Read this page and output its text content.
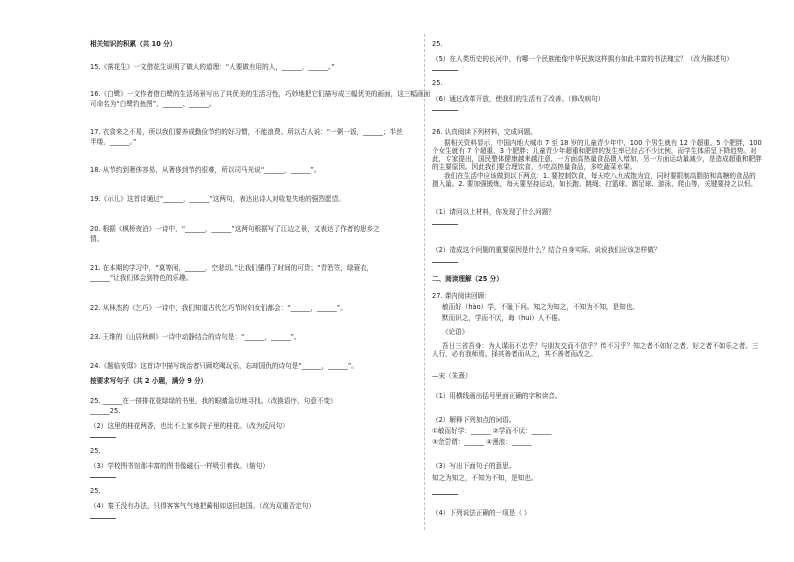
相关知识的积累（共 10 分）
15.《落花生》一文借花生说明了做人的道理：“人要做有用的人，______，______。”
16.《白鹭》一文作者借白鹭的生活场景写出了其优美的生活习性，巧妙地把它们描写成三幅优美的画面，这三幅画面
可命名为“白鹭钓鱼图”、______、______。
17. 衣食来之不易，所以我们要养成勤俭节约的好习惯，不能浪费。所以古人说：“一粥一饭，______；半丝
半缕，______。”
18. 从节约到奢侈容易，从奢侈到节约很难，所以司马光说“______，______”。
19.《示儿》这首诗通过“______，______”这两句，表达出诗人对收复失地的强烈愿望。
20. 根据《枫桥夜泊》一诗中，“______，______”这两句根据写了江边之景，又表达了作者的思乡之
情。
21. 在本期的学习中，“莫等闲，______，空悲切。”让我们懂得了时间的可贵；“青箬笠，绿蓑衣，
______”让我们体会到特色的乐趣。
22. 从林杰的《乞巧》一诗中，我们知道古代乞巧节时妇女们都会：“______，______”。
23. 王维的《山居秋暝》一诗中动静结合的诗句是：“______，______”。
24.《题临安邸》这首诗中描写统治者只顾吃喝玩乐，忘却国仇的诗句是“______，______”。
按要求写句子（共 2 小题，满分 9 分）
25. ______在一排排花花绿绿的书里，我的眼睛急切地寻找。（改换语序，句意不变）
______25.
（2）这里的桂花两香，也比不上家乡院子里的桂花。（改为反问句）
25.
（3）学校图书馆那丰富的图书像磁石一样吸引着我。（缩句）
25.
（4）秦王没有办法，只得客客气气地把蔺相如送回赵国。（改为双重否定句）
25.
（5）在人类历史的长河中，有哪一个民族能像中华民族这样拥有如此丰富的书法瑰宝？（改为陈述句）
25.
（6）通过改革开放，使我们的生活有了改善。（修改病句）
26. 认真阅读下列材料，完成问题。
据相关资料显示，中国内地大城市 7 至 18 岁的儿童青少年中，100 个男生就有 12 个超重、5 个肥胖，100 个女生就有 7 个超重、3 个肥胖；儿童青少年超重和肥胖的发生率已经占不少比例，而学生体质呈下降趋势。对此，专家提出，国民整体健康越来越注意，一方面高热量食品摄入增加，另一方面运动量减少，是造成超重和肥胖的主要原因。因此我们要合理饮食，少吃高热量食品，多吃蔬菜水果。
我们在生活中应该做到以下两点：1. 要控制饮食，每天吃八九成饱为宜，同时要限制高脂肪和高糖的食品的摄入量。2. 要加强锻炼，每天要坚持运动，如长跑、跳绳、打篮球、踢足球、游泳、爬山等，关键要持之以恒。
（1）请问以上材料，你发现了什么问题？
（2）造成这个问题的重要原因是什么？结合自身实际，说说我们应该怎样做？
二、阅读理解（25 分）
27. 课内阅读回顾：
敏而好（hào）学，不耻下问。知之为知之，不知为不知，是知也。
默而识之，学而不厌，诲（huì）人不倦。
《论语》
吾日三省吾身：为人谋而不忠乎？与朋友交而不信乎？传不习乎？知之者不如好之者，好之者不如乐之者。三人行，必有我师焉。择其善者而从之，其不善者而改之。
—宋（朱熹）
（1）用横线画出括号里面正确的字和读音。
（2）解释下列加点的词语。
①敏而好学：______ ②学而不厌：______
③余尝谓：______ ④漫浪：______
（3）写出下面句子的意思。
知之为知之，不知为不知，是知也。
（4）下列说法正确的一项是（ ）
